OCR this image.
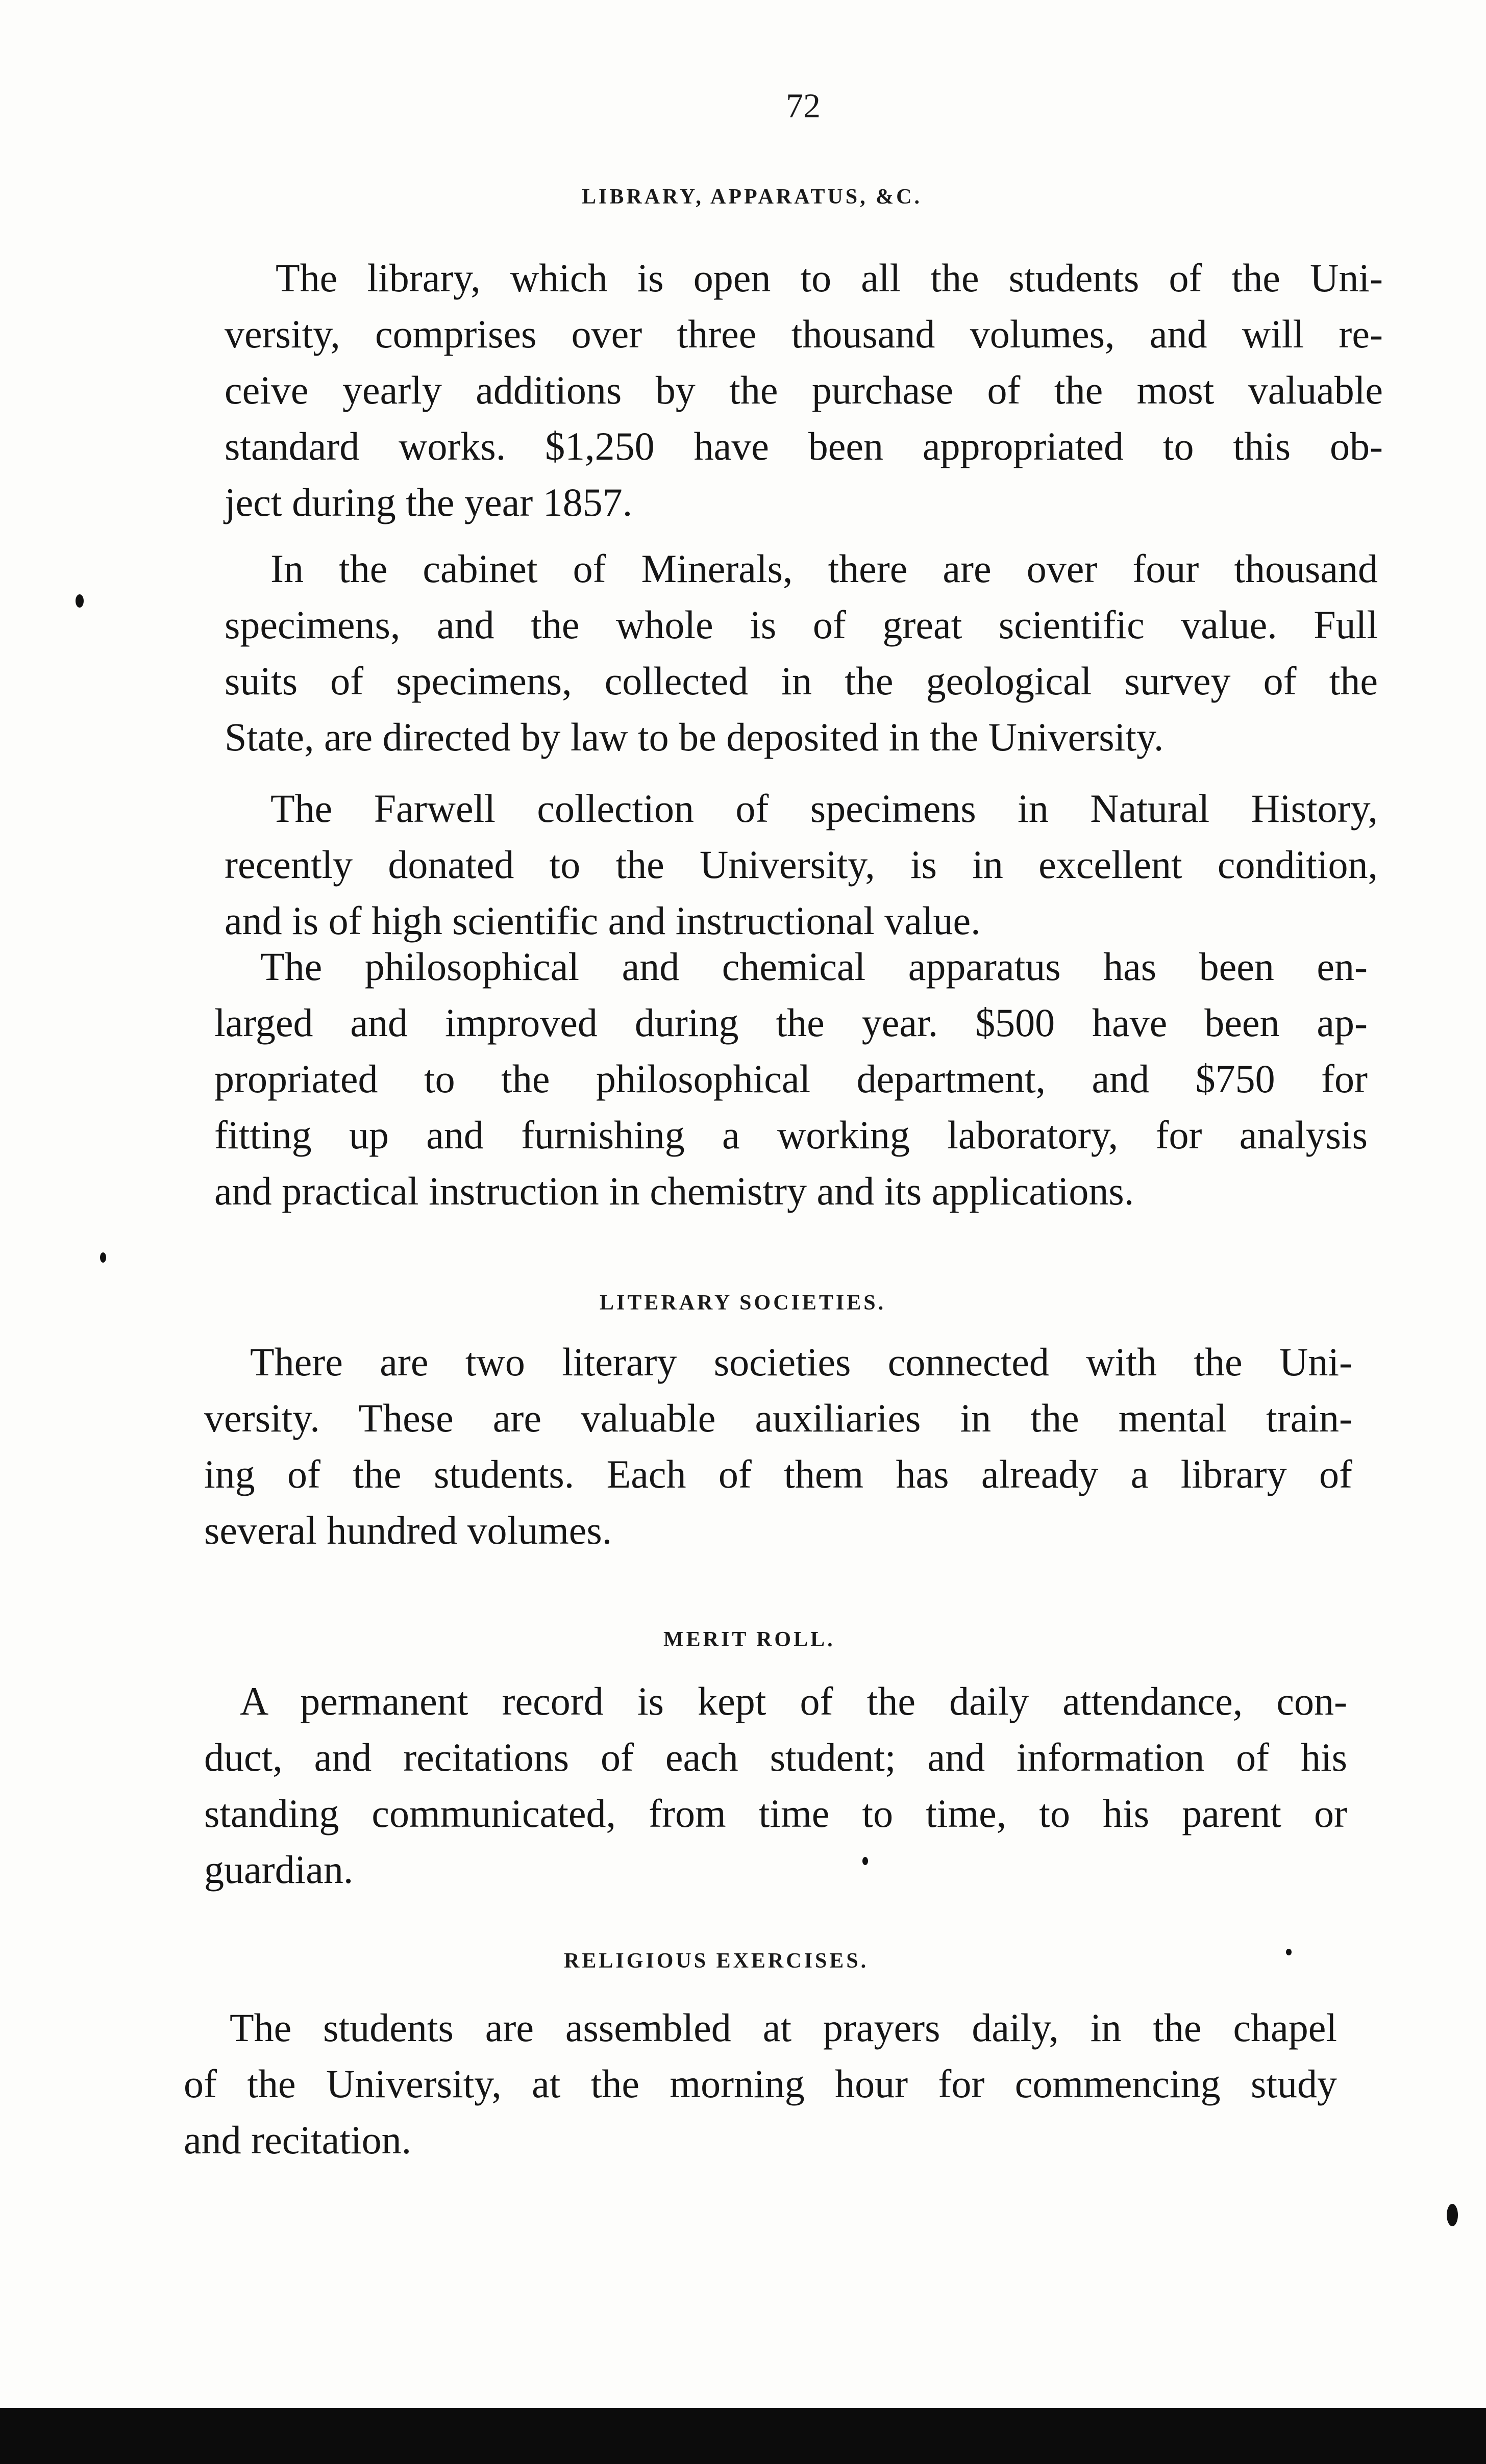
72
LIBRARY, APPARATUS, &C.
The library, which is open to all the students of the Uni-
versity, comprises over three thousand volumes, and will re-
ceive yearly additions by the purchase of the most valuable
standard works. $1,250 have been appropriated to this ob-
ject during the year 1857.
In the cabinet of Minerals, there are over four thousand
specimens, and the whole is of great scientific value. Full
suits of specimens, collected in the geological survey of the
State, are directed by law to be deposited in the University.
The Farwell collection of specimens in Natural History,
recently donated to the University, is in excellent condition,
and is of high scientific and instructional value.
The philosophical and chemical apparatus has been en-
larged and improved during the year. $500 have been ap-
propriated to the philosophical department, and $750 for
fitting up and furnishing a working laboratory, for analysis
and practical instruction in chemistry and its applications.
LITERARY SOCIETIES.
There are two literary societies connected with the Uni-
versity. These are valuable auxiliaries in the mental train-
ing of the students. Each of them has already a library of
several hundred volumes.
MERIT ROLL.
A permanent record is kept of the daily attendance, con-
duct, and recitations of each student; and information of his
standing communicated, from time to time, to his parent or
guardian.
RELIGIOUS EXERCISES.
The students are assembled at prayers daily, in the chapel
of the University, at the morning hour for commencing study
and recitation.
